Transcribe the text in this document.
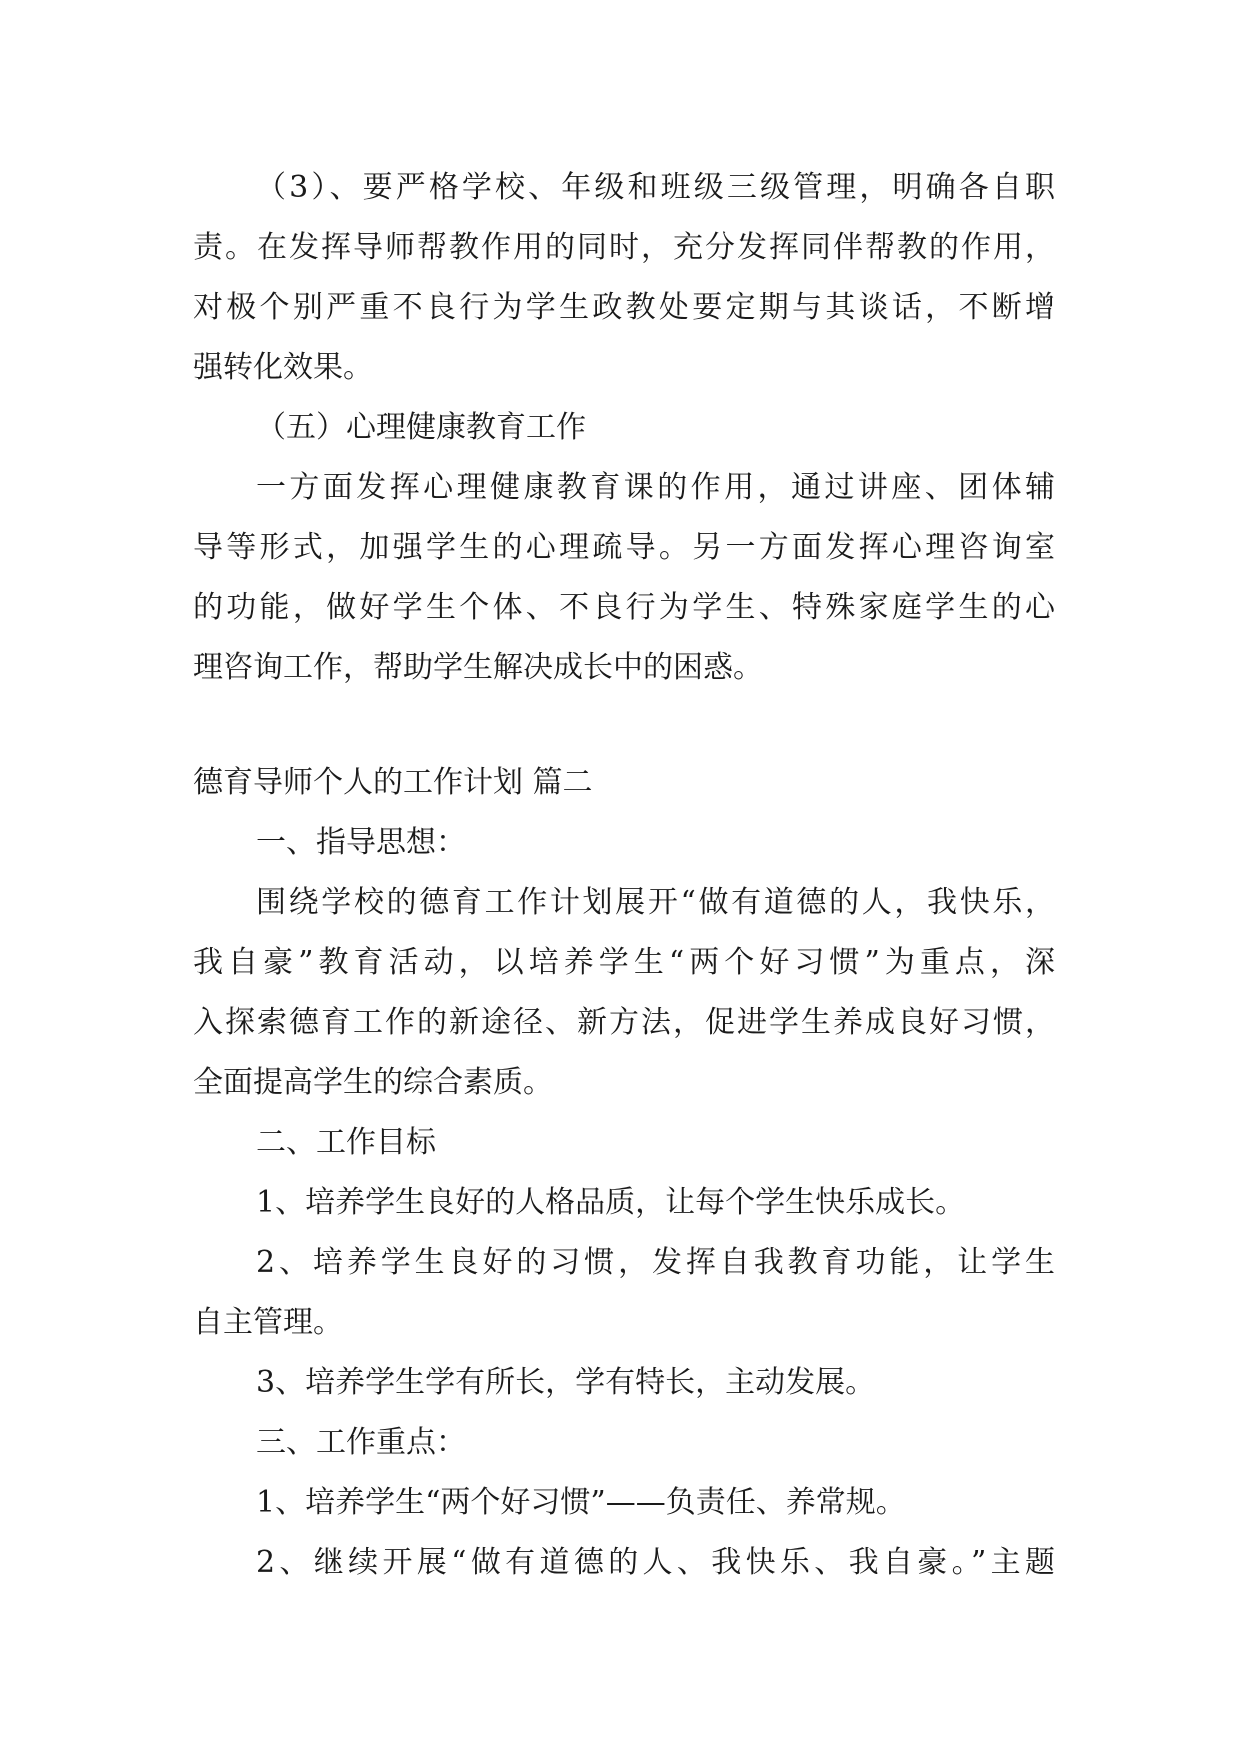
（3）、要严格学校、年级和班级三级管理，明确各自职
责。在发挥导师帮教作用的同时，充分发挥同伴帮教的作用，
对极个别严重不良行为学生政教处要定期与其谈话，不断增
强转化效果。
（五）心理健康教育工作
一方面发挥心理健康教育课的作用，通过讲座、团体辅
导等形式，加强学生的心理疏导。另一方面发挥心理咨询室
的功能，做好学生个体、不良行为学生、特殊家庭学生的心
理咨询工作，帮助学生解决成长中的困惑。
德育导师个人的工作计划 篇二
一、指导思想：
围绕学校的德育工作计划展开“做有道德的人，我快乐，
我自豪”教育活动，以培养学生“两个好习惯”为重点，深
入探索德育工作的新途径、新方法，促进学生养成良好习惯，
全面提高学生的综合素质。
二、工作目标
1、培养学生良好的人格品质，让每个学生快乐成长。
2、培养学生良好的习惯，发挥自我教育功能，让学生
自主管理。
3、培养学生学有所长，学有特长，主动发展。
三、工作重点：
1、培养学生“两个好习惯”——负责任、养常规。
2、继续开展“做有道德的人、我快乐、我自豪。”主题
